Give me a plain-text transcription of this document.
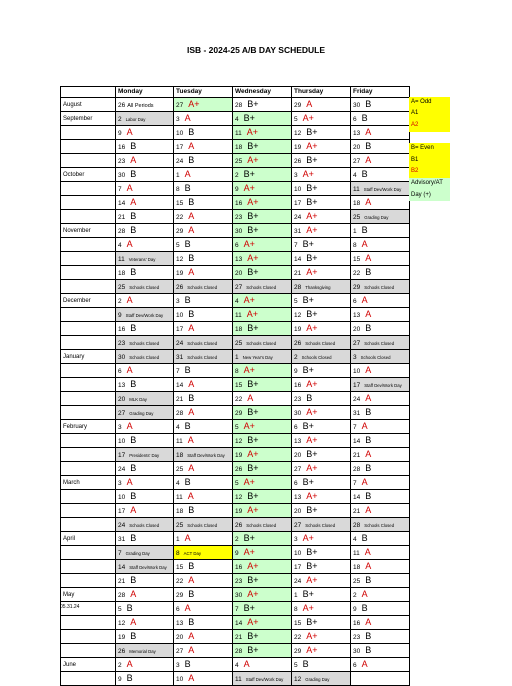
ISB - 2024-25 A/B DAY SCHEDULE
	Monday	Tuesday	Wednesday	Thursday	Friday
August	26 All Periods	27 A+	28 B+	29 A	30 B
September	2 Labor Day	3 A	4 B+	5 A+	6 B
	9 A	10 B	11 A+	12 B+	13 A
	16 B	17 A	18 B+	19 A+	20 B
	23 A	24 B	25 A+	26 B+	27 A
October	30 B	1 A	2 B+	3 A+	4 B
	7 A	8 B	9 A+	10 B+	11 Staff Dev/Work Day
	14 A	15 B	16 A+	17 B+	18 A
	21 B	22 A	23 B+	24 A+	25 Grading Day
November	28 B	29 A	30 B+	31 A+	1 B
	4 A	5 B	6 A+	7 B+	8 A
	11 Veterans' Day	12 B	13 A+	14 B+	15 A
	18 B	19 A	20 B+	21 A+	22 B
	25 Schools Closed	26 Schools Closed	27 Schools Closed	28 Thanksgiving	29 Schools Closed
December	2 A	3 B	4 A+	5 B+	6 A
	9 Staff Dev/Work Day	10 B	11 A+	12 B+	13 A
	16 B	17 A	18 B+	19 A+	20 B
	23 Schools Closed	24 Schools Closed	25 Schools Closed	26 Schools Closed	27 Schools Closed
January	30 Schools Closed	31 Schools Closed	1 New Year's Day	2 Schools Closed	3 Schools Closed
	6 A	7 B	8 A+	9 B+	10 A
	13 B	14 A	15 B+	16 A+	17 Staff Dev/Work Day
	20 MLK Day	21 B	22 A	23 B	24 A
	27 Grading Day	28 A	29 B+	30 A+	31 B
February	3 A	4 B	5 A+	6 B+	7 A
	10 B	11 A	12 B+	13 A+	14 B
	17 Presidents' Day	18 Staff Dev/Work Day	19 A+	20 B+	21 A
	24 B	25 A	26 B+	27 A+	28 B
March	3 A	4 B	5 A+	6 B+	7 A
	10 B	11 A	12 B+	13 A+	14 B
	17 A	18 B	19 A+	20 B+	21 A
	24 Schools Closed	25 Schools Closed	26 Schools Closed	27 Schools Closed	28 Schools Closed
April	31 B	1 A	2 B+	3 A+	4 B
	7 Grading Day	8 ACT Day	9 A+	10 B+	11 A
	14 Staff Dev/Work Day	15 B	16 A+	17 B+	18 A
	21 B	22 A	23 B+	24 A+	25 B
May	28 A	29 B	30 A+	1 B+	2 A
	5 B	6 A	7 B+	8 A+	9 B
	12 A	13 B	14 A+	15 B+	16 A
	19 B	20 A	21 B+	22 A+	23 B
	26 Memorial Day	27 A	28 B+	29 A+	30 B
June	2 A	3 B	4 A	5 B	6 A
	9 B	10 A	11 Staff Dev/Work Day	12 Grading Day	
A= Odd
A1
A2
B= Even
B1
B2
Advisory/AT
Day (+)
05.31.24
